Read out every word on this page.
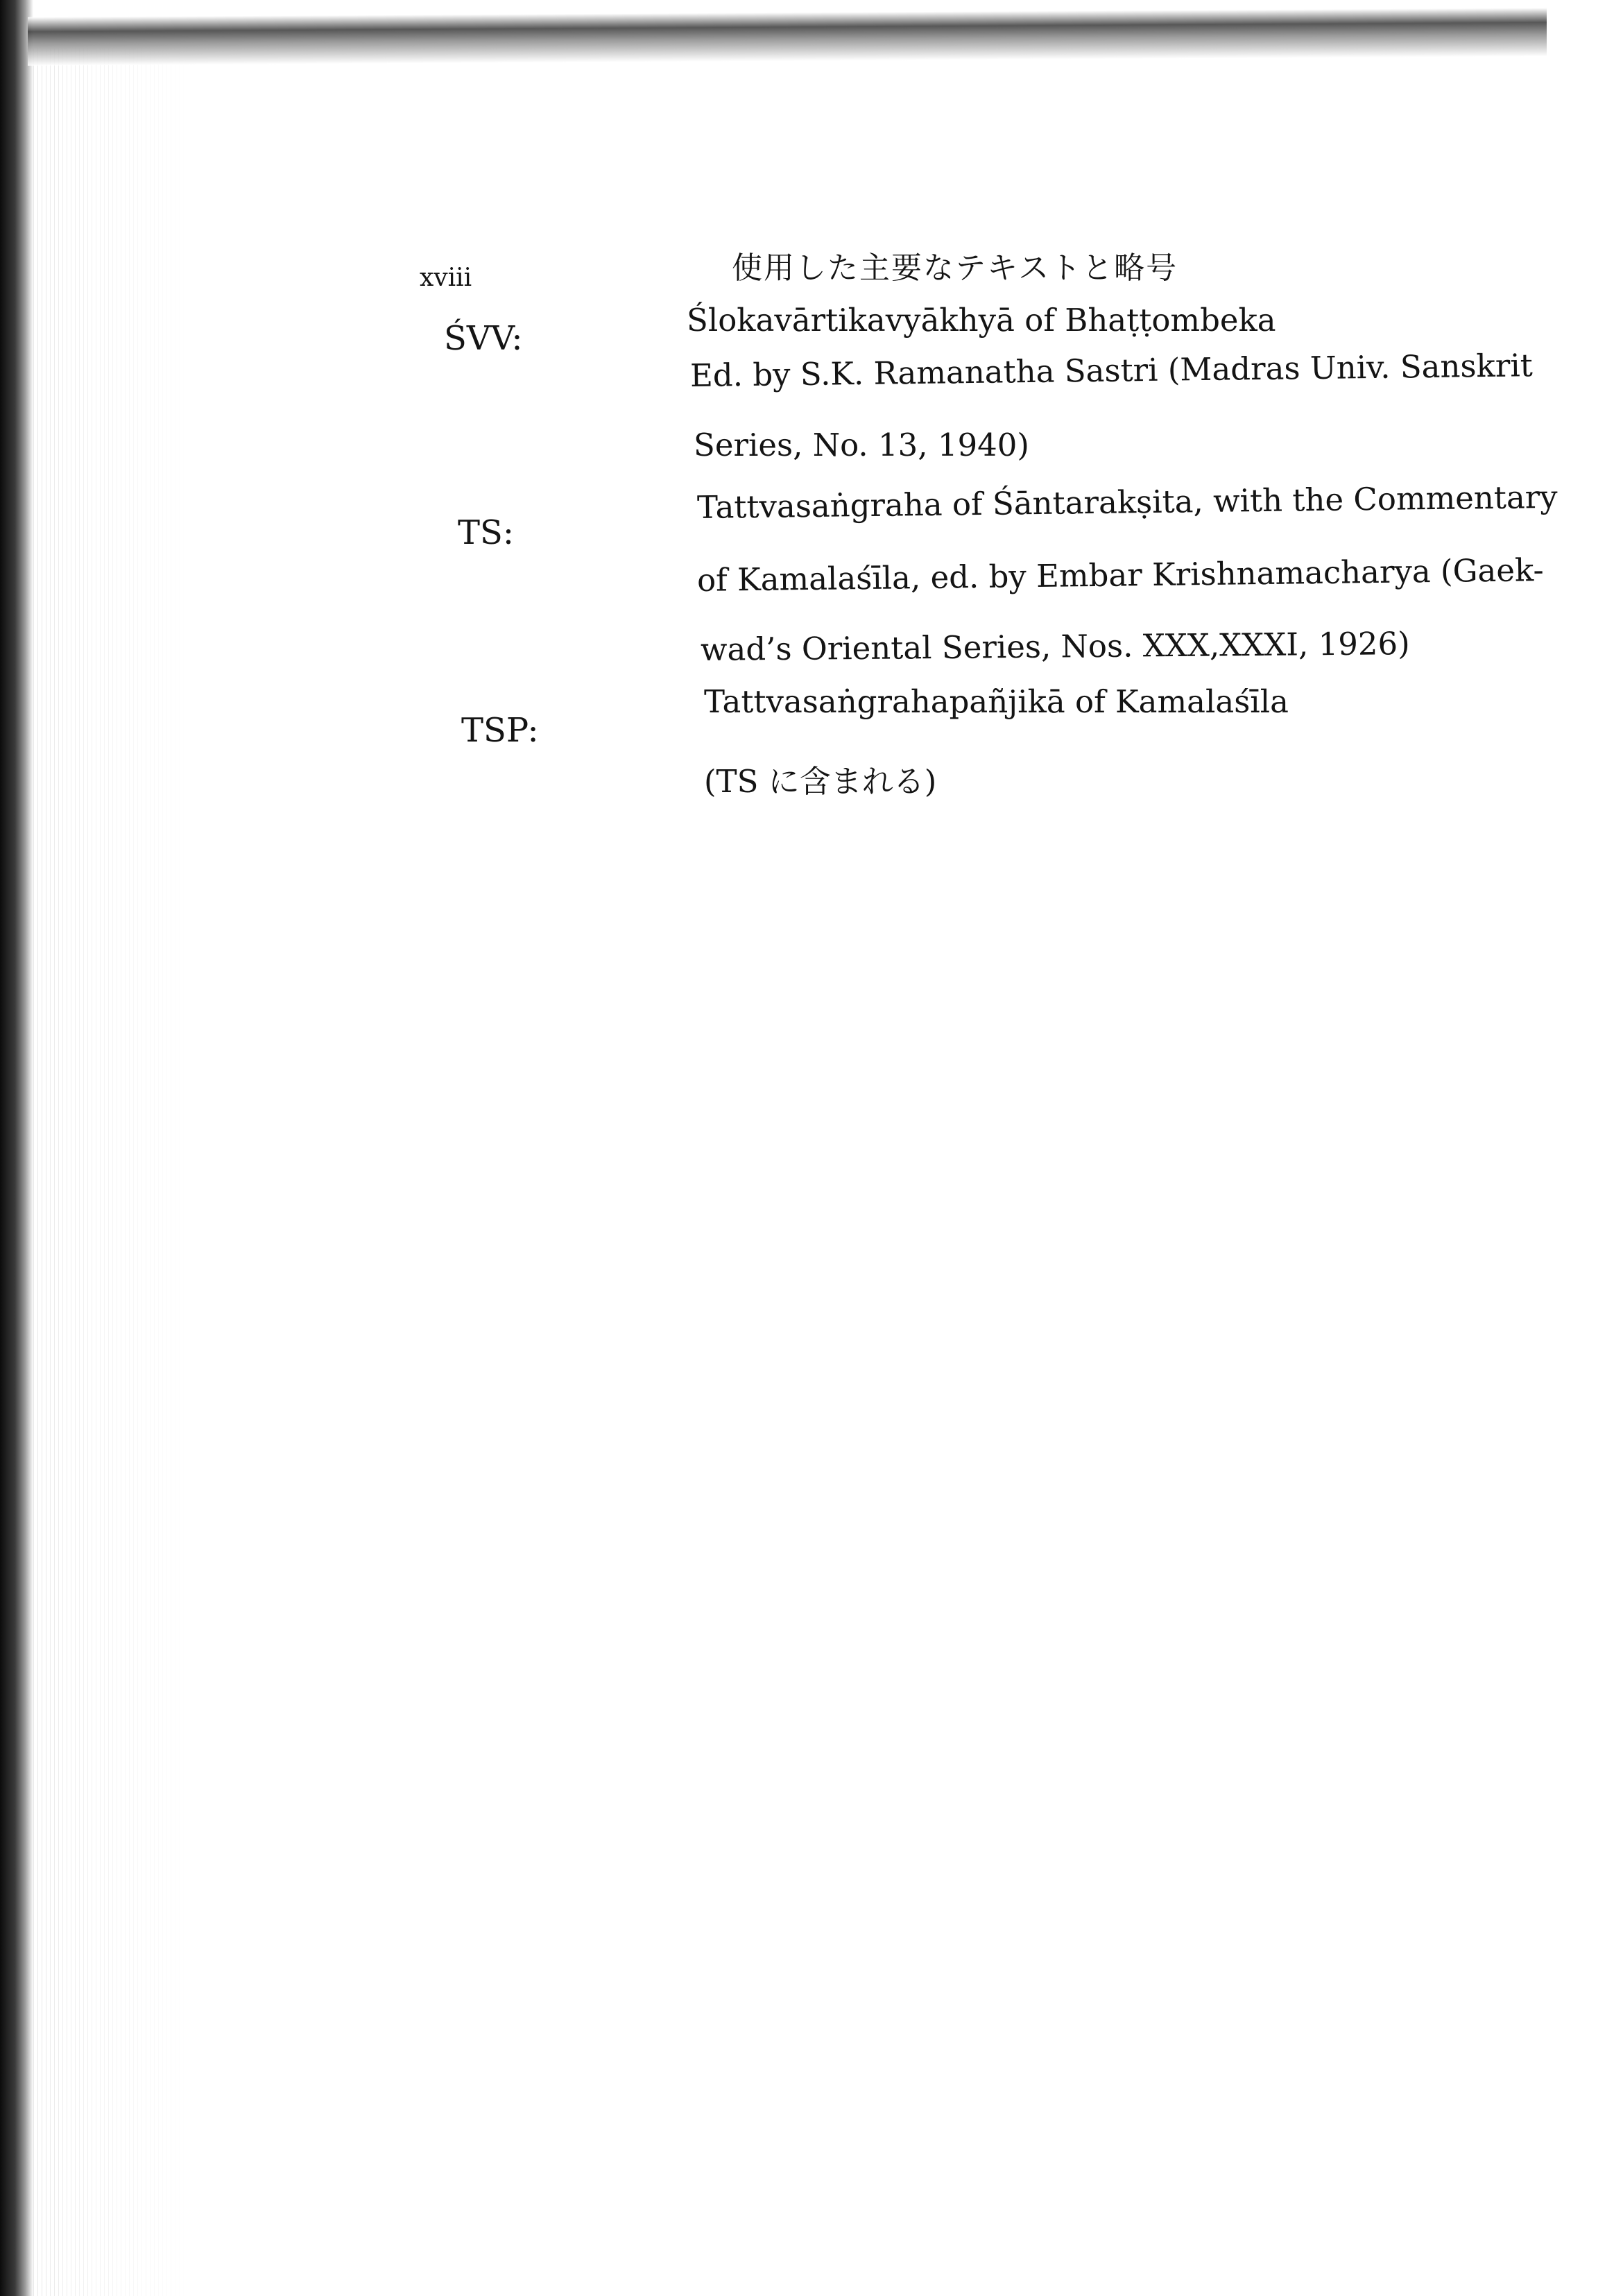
xviii	使用した主要なテキストと略号
ŚVV:	Ślokavārtikavyākhyā of Bhaṭṭombeka
Ed. by S.K. Ramanatha Sastri (Madras Univ. Sanskrit
Series, No. 13, 1940)
TS:
Tattvasaṅgraha of Śāntarakṣita, with the Commentary
of Kamalaśīla, ed. by Embar Krishnamacharya (Gaek-
wad’s Oriental Series, Nos. XXX,XXXI, 1926)
TSP:
Tattvasaṅgrahapañjikā of Kamalaśīla
(TS に含まれる)
